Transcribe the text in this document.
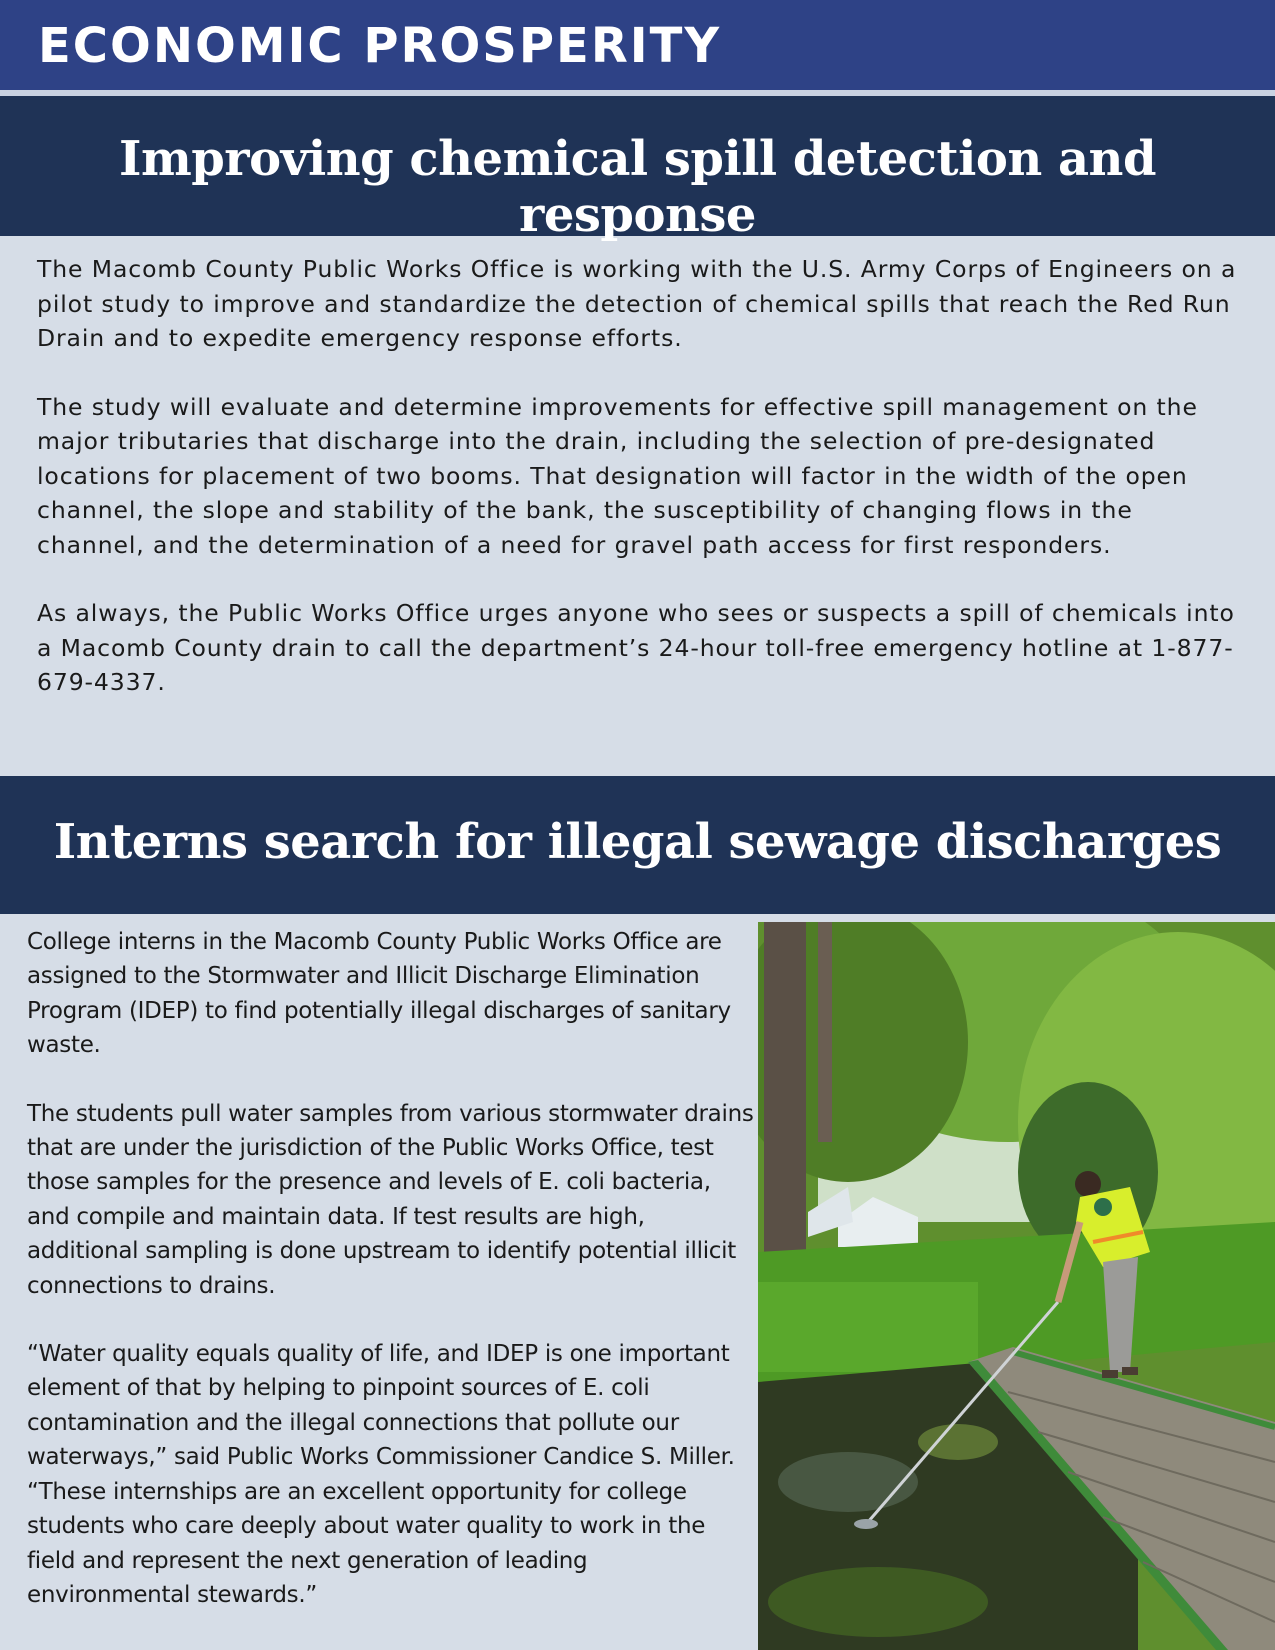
ECONOMIC PROSPERITY
Improving chemical spill detection and response

The Macomb County Public Works Office is working with the U.S. Army Corps of Engineers on a pilot study to improve and standardize the detection of chemical spills that reach the Red Run Drain and to expedite emergency response efforts.

The study will evaluate and determine improvements for effective spill management on the major tributaries that discharge into the drain, including the selection of pre-designated locations for placement of two booms. That designation will factor in the width of the open channel, the slope and stability of the bank, the susceptibility of changing flows in the channel, and the determination of a need for gravel path access for first responders.

As always, the Public Works Office urges anyone who sees or suspects a spill of chemicals into a Macomb County drain to call the department’s 24-hour toll-free emergency hotline at 1-877-679-4337.

Interns search for illegal sewage discharges

College interns in the Macomb County Public Works Office are assigned to the Stormwater and Illicit Discharge Elimination Program (IDEP) to find potentially illegal discharges of sanitary waste.

The students pull water samples from various stormwater drains that are under the jurisdiction of the Public Works Office, test those samples for the presence and levels of E. coli bacteria, and compile and maintain data. If test results are high, additional sampling is done upstream to identify potential illicit connections to drains.

“Water quality equals quality of life, and IDEP is one important element of that by helping to pinpoint sources of E. coli contamination and the illegal connections that pollute our waterways,” said Public Works Commissioner Candice S. Miller. “These internships are an excellent opportunity for college students who care deeply about water quality to work in the field and represent the next generation of leading environmental stewards.”
